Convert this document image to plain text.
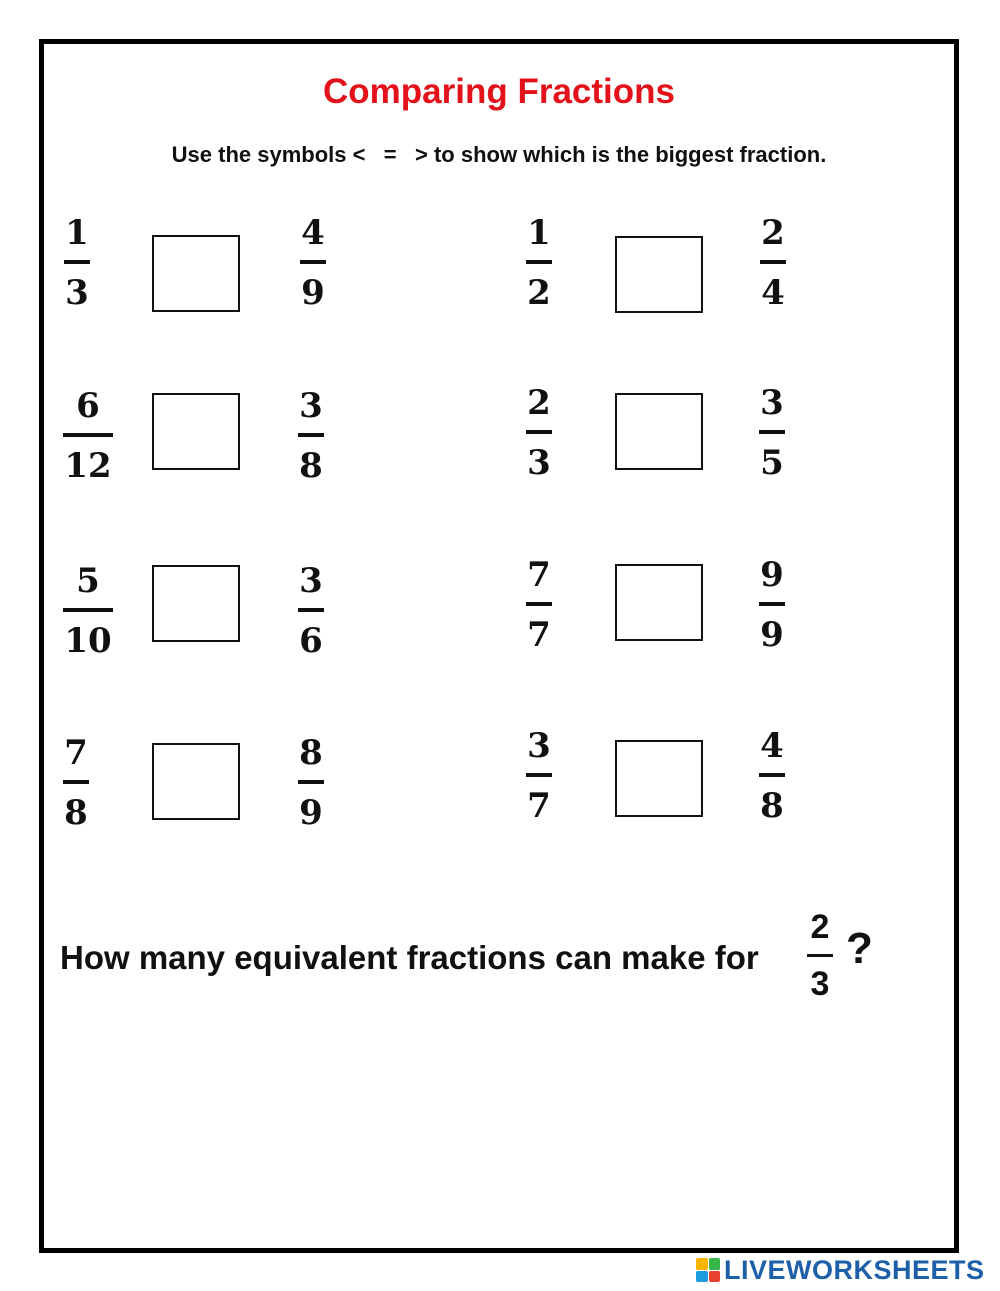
Comparing Fractions
Use the symbols <   =   > to show which is the biggest fraction.
1
3
4
9
6
12
3
8
5
10
3
6
7
8
8
9
1
2
2
4
2
3
3
5
7
7
9
9
3
7
4
8
How many equivalent fractions can make for
2
3
?
LIVEWORKSHEETS
